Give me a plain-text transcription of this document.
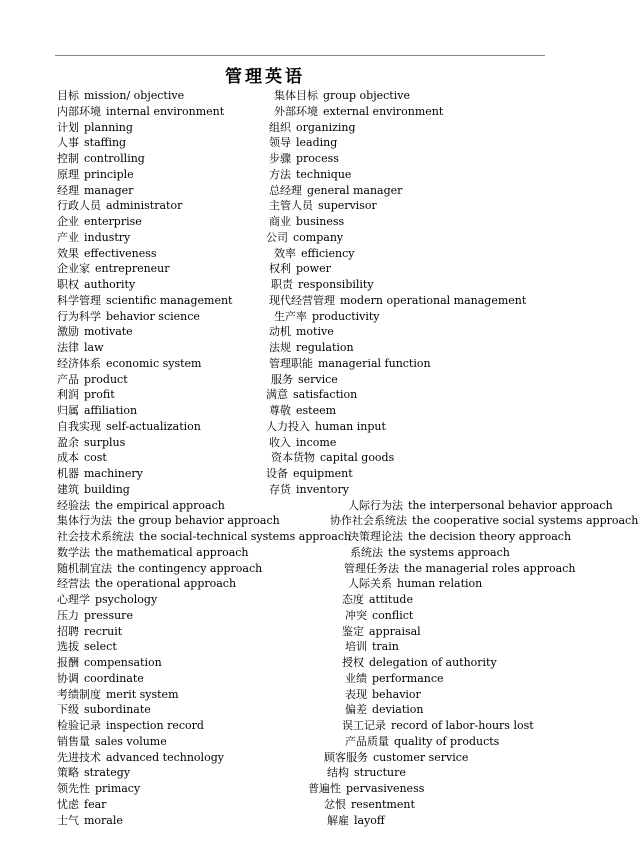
管理英语
目标 mission/ objective
内部环境 internal environment
计划 planning
人事 staffing
控制 controlling
原理 principle
经理 manager
行政人员 administrator
企业 enterprise
产业 industry
效果 effectiveness
企业家 entrepreneur
职权 authority
科学管理 scientific management
行为科学 behavior science
激励 motivate
法律 law
经济体系 economic system
产品 product
利润 profit
归属 affiliation
自我实现 self-actualization
盈余 surplus
成本 cost
机器 machinery
建筑 building
经验法 the empirical approach
集体行为法 the group behavior approach
社会技术系统法 the social-technical systems approach
数学法 the mathematical approach
随机制宜法 the contingency approach
经营法 the operational approach
心理学 psychology
压力 pressure
招聘 recruit
选拔 select
报酬 compensation
协调 coordinate
考绩制度 merit system
下级 subordinate
检验记录 inspection record
销售量 sales volume
先进技术 advanced technology
策略 strategy
领先性 primacy
忧虑 fear
士气 morale
集体目标 group objective
外部环境 external environment
组织 organizing
领导 leading
步骤 process
方法 technique
总经理 general manager
主管人员 supervisor
商业 business
公司 company
效率 efficiency
权利 power
职责 responsibility
现代经营管理 modern operational management
生产率 productivity
动机 motive
法规 regulation
管理职能 managerial function
服务 service
满意 satisfaction
尊敬 esteem
人力投入 human input
收入 income
资本货物 capital goods
设备 equipment
存货 inventory
人际行为法 the interpersonal behavior approach
协作社会系统法 the cooperative social systems approach
决策理论法 the decision theory approach
系统法 the systems approach
管理任务法 the managerial roles approach
人际关系 human relation
态度 attitude
冲突 conflict
鉴定 appraisal
培训 train
授权 delegation of authority
业绩 performance
表现 behavior
偏差 deviation
误工记录 record of labor-hours lost
产品质量 quality of products
顾客服务 customer service
结构 structure
普遍性 pervasiveness
忿恨 resentment
解雇 layoff
